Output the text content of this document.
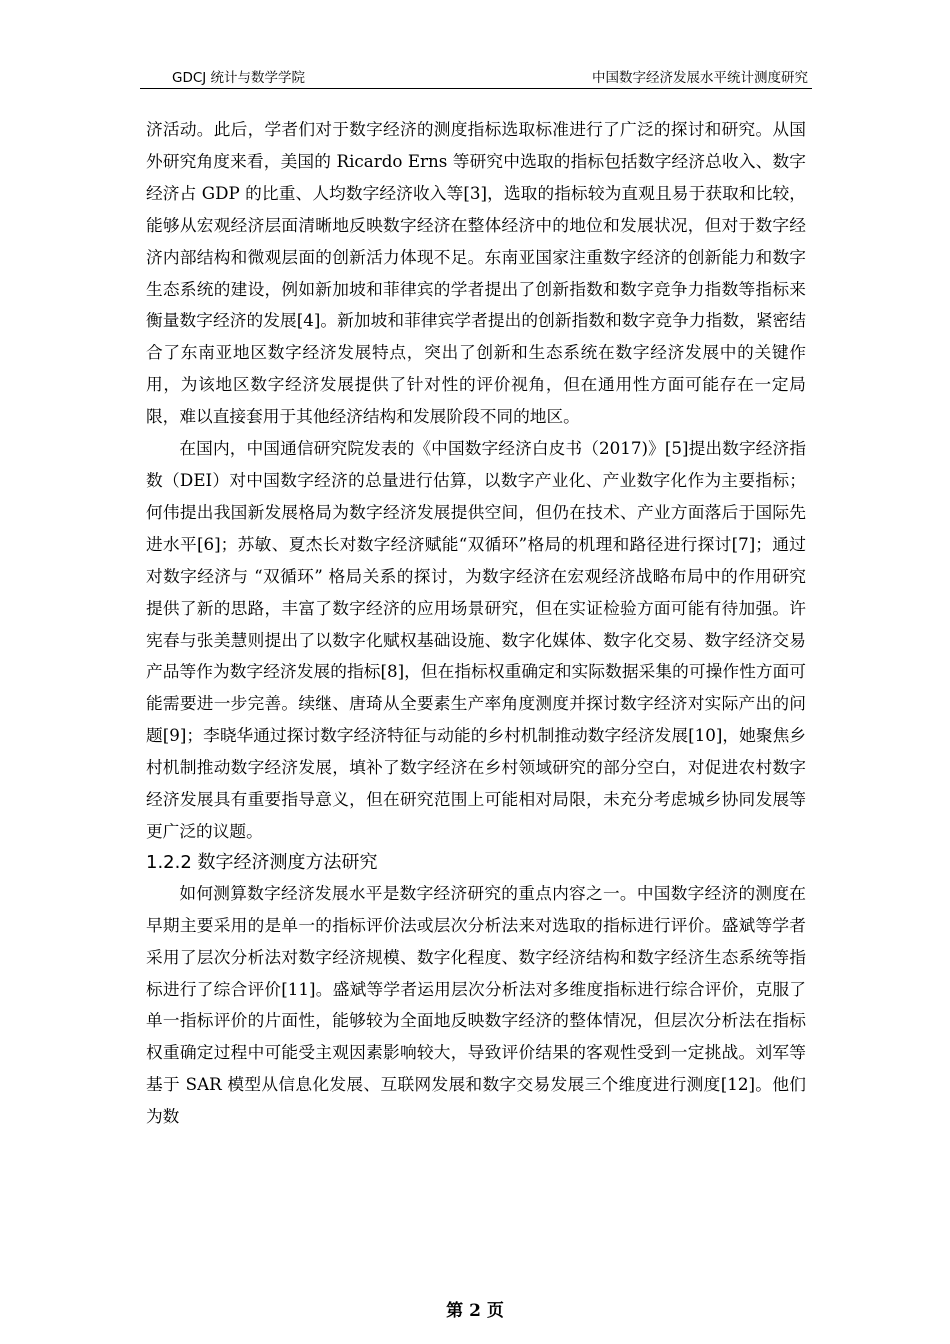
GDCJ 统计与数学学院	中国数字经济发展水平统计测度研究

济活动。此后，学者们对于数字经济的测度指标选取标准进行了广泛的探讨和研究。从国外研究角度来看，美国的 Ricardo Erns 等研究中选取的指标包括数字经济总收入、数字经济占 GDP 的比重、人均数字经济收入等[3]，选取的指标较为直观且易于获取和比较，能够从宏观经济层面清晰地反映数字经济在整体经济中的地位和发展状况，但对于数字经济内部结构和微观层面的创新活力体现不足。东南亚国家注重数字经济的创新能力和数字生态系统的建设，例如新加坡和菲律宾的学者提出了创新指数和数字竞争力指数等指标来衡量数字经济的发展[4]。新加坡和菲律宾学者提出的创新指数和数字竞争力指数，紧密结合了东南亚地区数字经济发展特点，突出了创新和生态系统在数字经济发展中的关键作用，为该地区数字经济发展提供了针对性的评价视角，但在通用性方面可能存在一定局限，难以直接套用于其他经济结构和发展阶段不同的地区。

在国内，中国通信研究院发表的《中国数字经济白皮书（2017)》[5]提出数字经济指数（DEI）对中国数字经济的总量进行估算，以数字产业化、产业数字化作为主要指标；何伟提出我国新发展格局为数字经济发展提供空间，但仍在技术、产业方面落后于国际先进水平[6]；苏敏、夏杰长对数字经济赋能“双循环”格局的机理和路径进行探讨[7]；通过对数字经济与 “双循环” 格局关系的探讨，为数字经济在宏观经济战略布局中的作用研究提供了新的思路，丰富了数字经济的应用场景研究，但在实证检验方面可能有待加强。许宪春与张美慧则提出了以数字化赋权基础设施、数字化媒体、数字化交易、数字经济交易产品等作为数字经济发展的指标[8]，但在指标权重确定和实际数据采集的可操作性方面可能需要进一步完善。续继、唐琦从全要素生产率角度测度并探讨数字经济对实际产出的问题[9]；李晓华通过探讨数字经济特征与动能的乡村机制推动数字经济发展[10]，她聚焦乡村机制推动数字经济发展，填补了数字经济在乡村领域研究的部分空白，对促进农村数字经济发展具有重要指导意义，但在研究范围上可能相对局限，未充分考虑城乡协同发展等更广泛的议题。

1.2.2 数字经济测度方法研究

如何测算数字经济发展水平是数字经济研究的重点内容之一。中国数字经济的测度在早期主要采用的是单一的指标评价法或层次分析法来对选取的指标进行评价。盛斌等学者采用了层次分析法对数字经济规模、数字化程度、数字经济结构和数字经济生态系统等指标进行了综合评价[11]。盛斌等学者运用层次分析法对多维度指标进行综合评价，克服了单一指标评价的片面性，能够较为全面地反映数字经济的整体情况，但层次分析法在指标权重确定过程中可能受主观因素影响较大，导致评价结果的客观性受到一定挑战。刘军等基于 SAR 模型从信息化发展、互联网发展和数字交易发展三个维度进行测度[12]。他们为数

第 2 页
